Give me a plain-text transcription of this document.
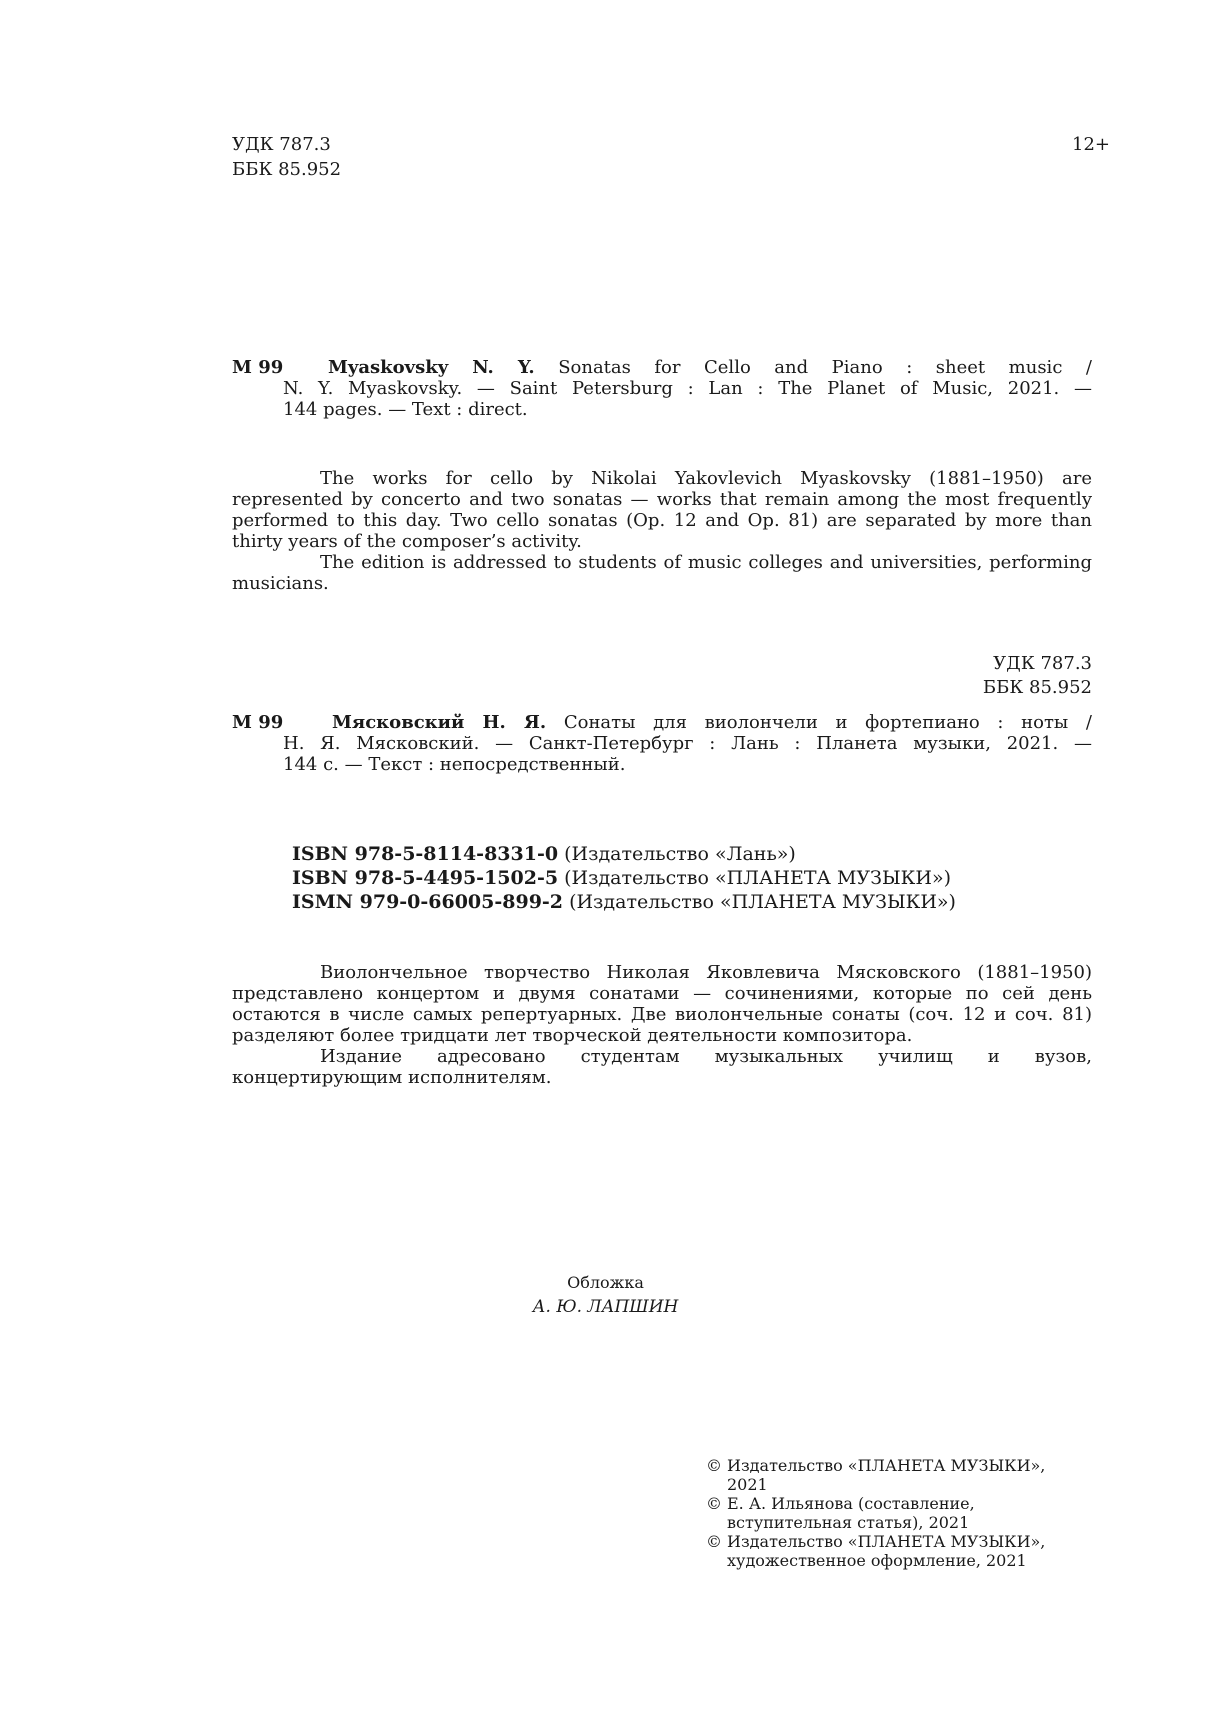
УДК 787.3
ББК 85.952
12+
М 99 Myaskovsky N. Y. Sonatas for Cello and Piano : sheet music /
N. Y. Myaskovsky. — Saint Petersburg : Lan : The Planet of Music, 2021. —
144 pages. — Text : direct.

The works for cello by Nikolai Yakovlevich Myaskovsky (1881–1950) are represented by concerto and two sonatas — works that remain among the most frequently performed to this day. Two cello sonatas (Op. 12 and Op. 81) are separated by more than thirty years of the composer’s activity.

The edition is addressed to students of music colleges and universities, performing musicians.

УДК 787.3
ББК 85.952
М 99	Мясковский Н. Я. Сонаты для виолончели и фортепиано : ноты /
Н. Я. Мясковский. — Санкт-Петербург : Лань : Планета музыки, 2021. —
144 с. — Текст : непосредственный.
ISBN 978-5-8114-8331-0 (Издательство «Лань»)
ISBN 978-5-4495-1502-5 (Издательство «ПЛАНЕТА МУЗЫКИ»)
ISMN 979-0-66005-899-2 (Издательство «ПЛАНЕТА МУЗЫКИ»)

Виолончельное творчество Николая Яковлевича Мясковского (1881–1950) представлено концертом и двумя сонатами — сочинениями, которые по сей день остаются в числе самых репертуарных. Две виолончельные сонаты (соч. 12 и соч. 81) разделяют более тридцати лет творческой деятельности композитора.

Издание адресовано студентам музыкальных училищ и вузов, концертирующим исполнителям.

Обложка
А. Ю. ЛАПШИН
© Издательство «ПЛАНЕТА МУЗЫКИ», 2021
© Е. А. Ильянова (составление, вступительная статья), 2021
© Издательство «ПЛАНЕТА МУЗЫКИ», художественное оформление, 2021
